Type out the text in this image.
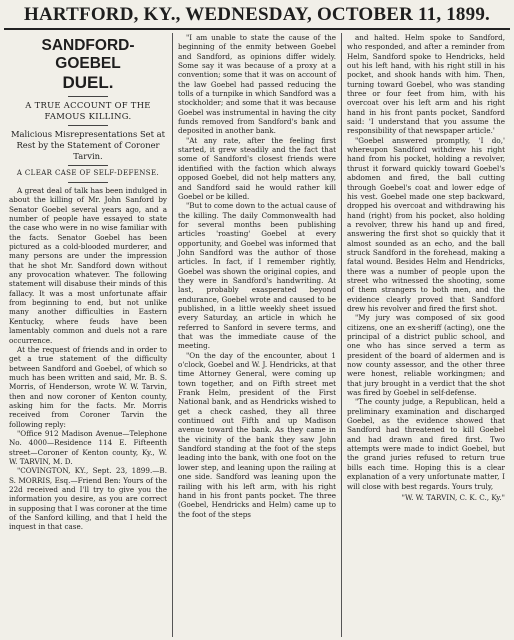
HARTFORD, KY., WEDNESDAY, OCTOBER 11, 1899.
SANDFORD-GOEBEL
DUEL.
A TRUE ACCOUNT OF THE FAMOUS KILLING.
Malicious Misrepresentations Set at Rest by the Statement of Coroner Tarvin.
A CLEAR CASE OF SELF-DEFENSE.

A great deal of talk has been indulged in about the killing of Mr. John Sanford by Senator Goebel several years ago, and a number of people have essayed to state the case who were in no wise familiar with the facts. Senator Goebel has been pictured as a cold-blooded murderer, and many persons are under the impression that he shot Mr. Sandford down without any provocation whatever. The following statement will disabuse their minds of this fallacy. It was a most unfortunate affair from beginning to end, but not unlike many another difficulties in Eastern Kentucky, where feuds have been lamentably common and duels not a rare occurrence.

At the request of friends and in order to get a true statement of the difficulty between Sandford and Goebel, of which so much has been written and said, Mr. B. S. Morris, of Henderson, wrote W. W. Tarvin, then and now coroner of Kenton county, asking him for the facts. Mr. Morris received from Coroner Tarvin the following reply:

"Office 912 Madison Avenue—Telephone No. 4000—Residence 114 E. Fifteenth street—Coroner of Kenton county, Ky., W. W. TARVIN, M. D.

"COVINGTON, KY., Sept. 23, 1899.—B. S. MORRIS, Esq.—Friend Ben: Yours of the 22d received and I'll try to give you the information you desire, as you are correct in supposing that I was coroner at the time of the Sanford killing, and that I held the inquest in that case.

"I am unable to state the cause of the beginning of the enmity between Goebel and Sandford, as opinions differ widely. Some say it was because of a proxy at a convention; some that it was on account of the law Goebel had passed reducing the tolls of a turnpike in which Sandford was a stockholder; and some that it was because Goebel was instrumental in having the city funds removed from Sandford's bank and deposited in another bank.

"At any rate, after the feeling first started, it grew steadily and the fact that some of Sandford's closest friends were identified with the faction which always opposed Goebel, did not help matters any, and Sandford said he would rather kill Goebel or be killed.

"But to come down to the actual cause of the killing. The daily Commonwealth had for several months been publishing articles 'roasting' Goebel at every opportunity, and Goebel was informed that John Sandford was the author of those articles. In fact, if I remember rightly, Goebel was shown the original copies, and they were in Sandford's handwriting. At last, probably exasperated beyond endurance, Goebel wrote and caused to be published, in a little weekly sheet issued every Saturday, an article in which he referred to Sanford in severe terms, and that was the immediate cause of the meeting.

"On the day of the encounter, about 1 o'clock, Goebel and W. J. Hendricks, at that time Attorney General, were coming up town together, and on Fifth street met Frank Helm, president of the First National bank, and as Hendricks wished to get a check cashed, they all three continued out Fifth and up Madison avenue toward the bank. As they came in the vicinity of the bank they saw John Sandford standing at the foot of the steps leading into the bank, with one foot on the lower step, and leaning upon the railing at one side. Sandford was leaning upon the railing with his left arm, with his right hand in his front pants pocket. The three (Goebel, Hendricks and Helm) came up to the foot of the steps

and halted. Helm spoke to Sandford, who responded, and after a reminder from Helm, Sandford spoke to Hendricks, held out his left hand, with his right still in his pocket, and shook hands with him. Then, turning toward Goebel, who was standing three or four feet from him, with his overcoat over his left arm and his right hand in his front pants pocket, Sandford said: 'I understand that you assume the responsibility of that newspaper article.'

"Goebel answered promptly, 'I do,' whereupon Sandford withdrew his right hand from his pocket, holding a revolver, thrust it forward quickly toward Goebel's abdomen and fired, the ball cutting through Goebel's coat and lower edge of his vest. Goebel made one step backward, dropped his overcoat and withdrawing his hand (right) from his pocket, also holding a revolver, threw his hand up and fired, answering the first shot so quickly that it almost sounded as an echo, and the ball struck Sandford in the forehead, making a fatal wound. Besides Helm and Hendricks, there was a number of people upon the street who witnessed the shooting, some of them strangers to both men, and the evidence clearly proved that Sandford drew his revolver and fired the first shot.

"My jury was composed of six good citizens, one an ex-sheriff (acting), one the principal of a district public school, and one who has since served a term as president of the board of aldermen and is now county assessor, and the other three were honest, reliable workingmen; and that jury brought in a verdict that the shot was fired by Goebel in self-defense.

"The county judge, a Republican, held a preliminary examination and discharged Goebel, as the evidence showed that Sandford had threatened to kill Goebel and had drawn and fired first. Two attempts were made to indict Goebel, but the grand juries refused to return true bills each time. Hoping this is a clear explanation of a very unfortunate matter, I will close with best regards. Yours truly,

"W. W. TARVIN, C. K. C., Ky."
